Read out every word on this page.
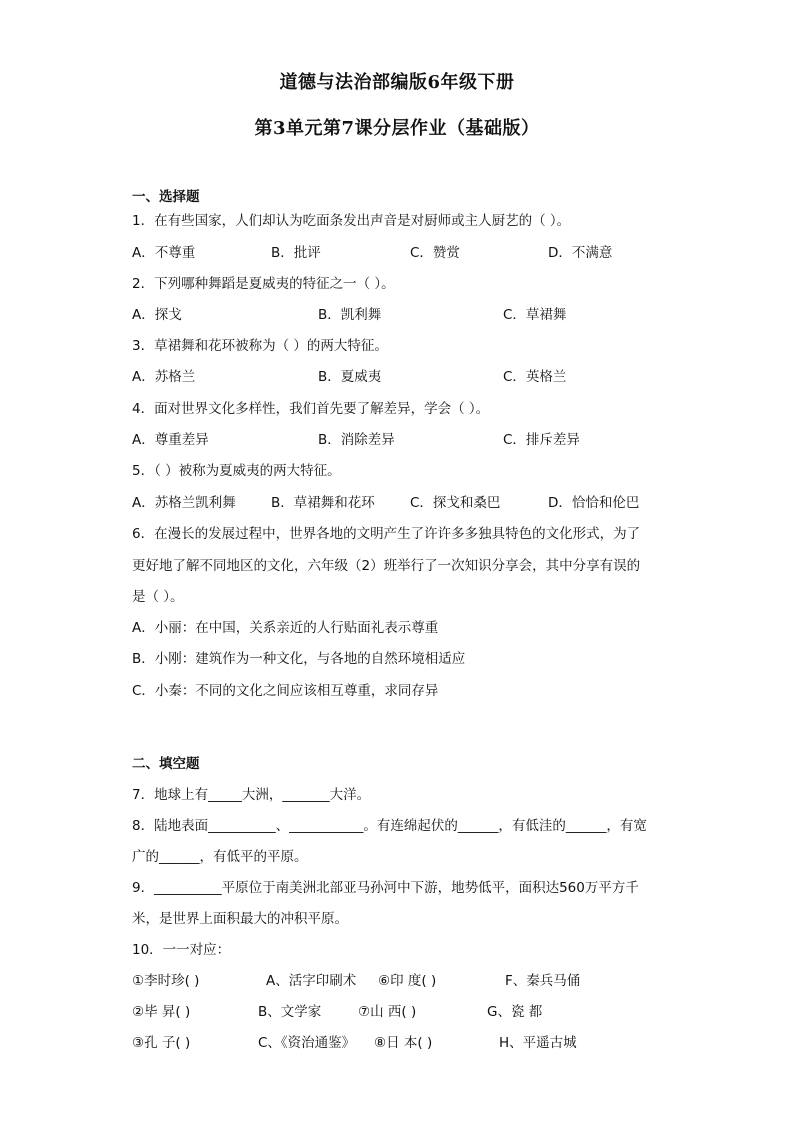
道德与法治部编版6年级下册
第3单元第7课分层作业（基础版）
一、选择题
1．在有些国家，人们却认为吃面条发出声音是对厨师或主人厨艺的（ ）。
A．不尊重	B．批评	C．赞赏	D．不满意
2．下列哪种舞蹈是夏威夷的特征之一（ ）。
A．探戈	B．凯利舞	C．草裙舞
3．草裙舞和花环被称为（ ）的两大特征。
A．苏格兰	B．夏威夷	C．英格兰
4．面对世界文化多样性，我们首先要了解差异，学会（ ）。
A．尊重差异	B．消除差异	C．排斥差异
5．（ ）被称为夏威夷的两大特征。
A．苏格兰凯利舞	B．草裙舞和花环	C．探戈和桑巴	D．恰恰和伦巴
6．在漫长的发展过程中，世界各地的文明产生了许许多多独具特色的文化形式，为了
更好地了解不同地区的文化，六年级（2）班举行了一次知识分享会，其中分享有误的
是（ ）。
A．小丽：在中国，关系亲近的人行贴面礼表示尊重
B．小刚：建筑作为一种文化，与各地的自然环境相适应
C．小秦：不同的文化之间应该相互尊重，求同存异
二、填空题
7．地球上有_____大洲，_______大洋。
8．陆地表面__________、___________。有连绵起伏的______，有低洼的______，有宽
广的______，有低平的平原。
9．__________平原位于南美洲北部亚马孙河中下游，地势低平，面积达560万平方千
米，是世界上面积最大的冲积平原。
10．一一对应：
①李时珍( )	A、活字印刷术 ⑥印 度( )	F、秦兵马俑
②毕 昇( )	B、文学家	⑦山 西( )	G、瓷 都
③孔 子( )	C、《资治通鉴》 ⑧日 本( )	H、平遥古城
